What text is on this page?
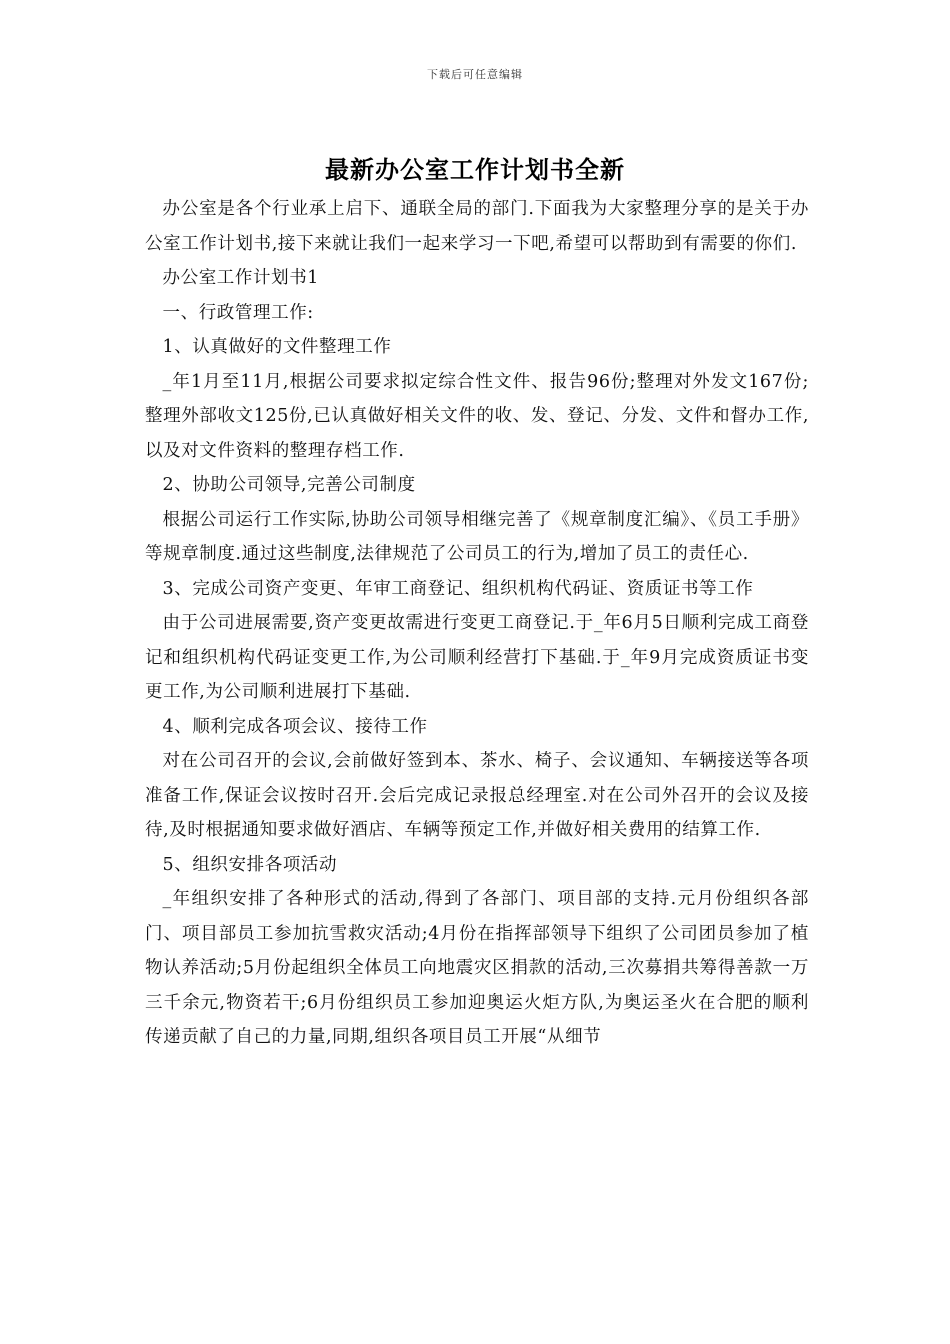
下载后可任意编辑
最新办公室工作计划书全新

办公室是各个行业承上启下、通联全局的部门.下面我为大家整理分享的是关于办公室工作计划书,接下来就让我们一起来学习一下吧,希望可以帮助到有需要的你们.

办公室工作计划书1

一、行政管理工作:

1、认真做好的文件整理工作

_年1月至11月,根据公司要求拟定综合性文件、报告96份;整理对外发文167份;整理外部收文125份,已认真做好相关文件的收、发、登记、分发、文件和督办工作,以及对文件资料的整理存档工作.

2、协助公司领导,完善公司制度

根据公司运行工作实际,协助公司领导相继完善了《规章制度汇编》、《员工手册》等规章制度.通过这些制度,法律规范了公司员工的行为,增加了员工的责任心.

3、完成公司资产变更、年审工商登记、组织机构代码证、资质证书等工作

由于公司进展需要,资产变更故需进行变更工商登记.于_年6月5日顺利完成工商登记和组织机构代码证变更工作,为公司顺利经营打下基础.于_年9月完成资质证书变更工作,为公司顺利进展打下基础.

4、顺利完成各项会议、接待工作

对在公司召开的会议,会前做好签到本、茶水、椅子、会议通知、车辆接送等各项准备工作,保证会议按时召开.会后完成记录报总经理室.对在公司外召开的会议及接待,及时根据通知要求做好酒店、车辆等预定工作,并做好相关费用的结算工作.

5、组织安排各项活动

_年组织安排了各种形式的活动,得到了各部门、项目部的支持.元月份组织各部门、项目部员工参加抗雪救灾活动;4月份在指挥部领导下组织了公司团员参加了植物认养活动;5月份起组织全体员工向地震灾区捐款的活动,三次募捐共筹得善款一万三千余元,物资若干;6月份组织员工参加迎奥运火炬方队,为奥运圣火在合肥的顺利传递贡献了自己的力量,同期,组织各项目员工开展“从细节
